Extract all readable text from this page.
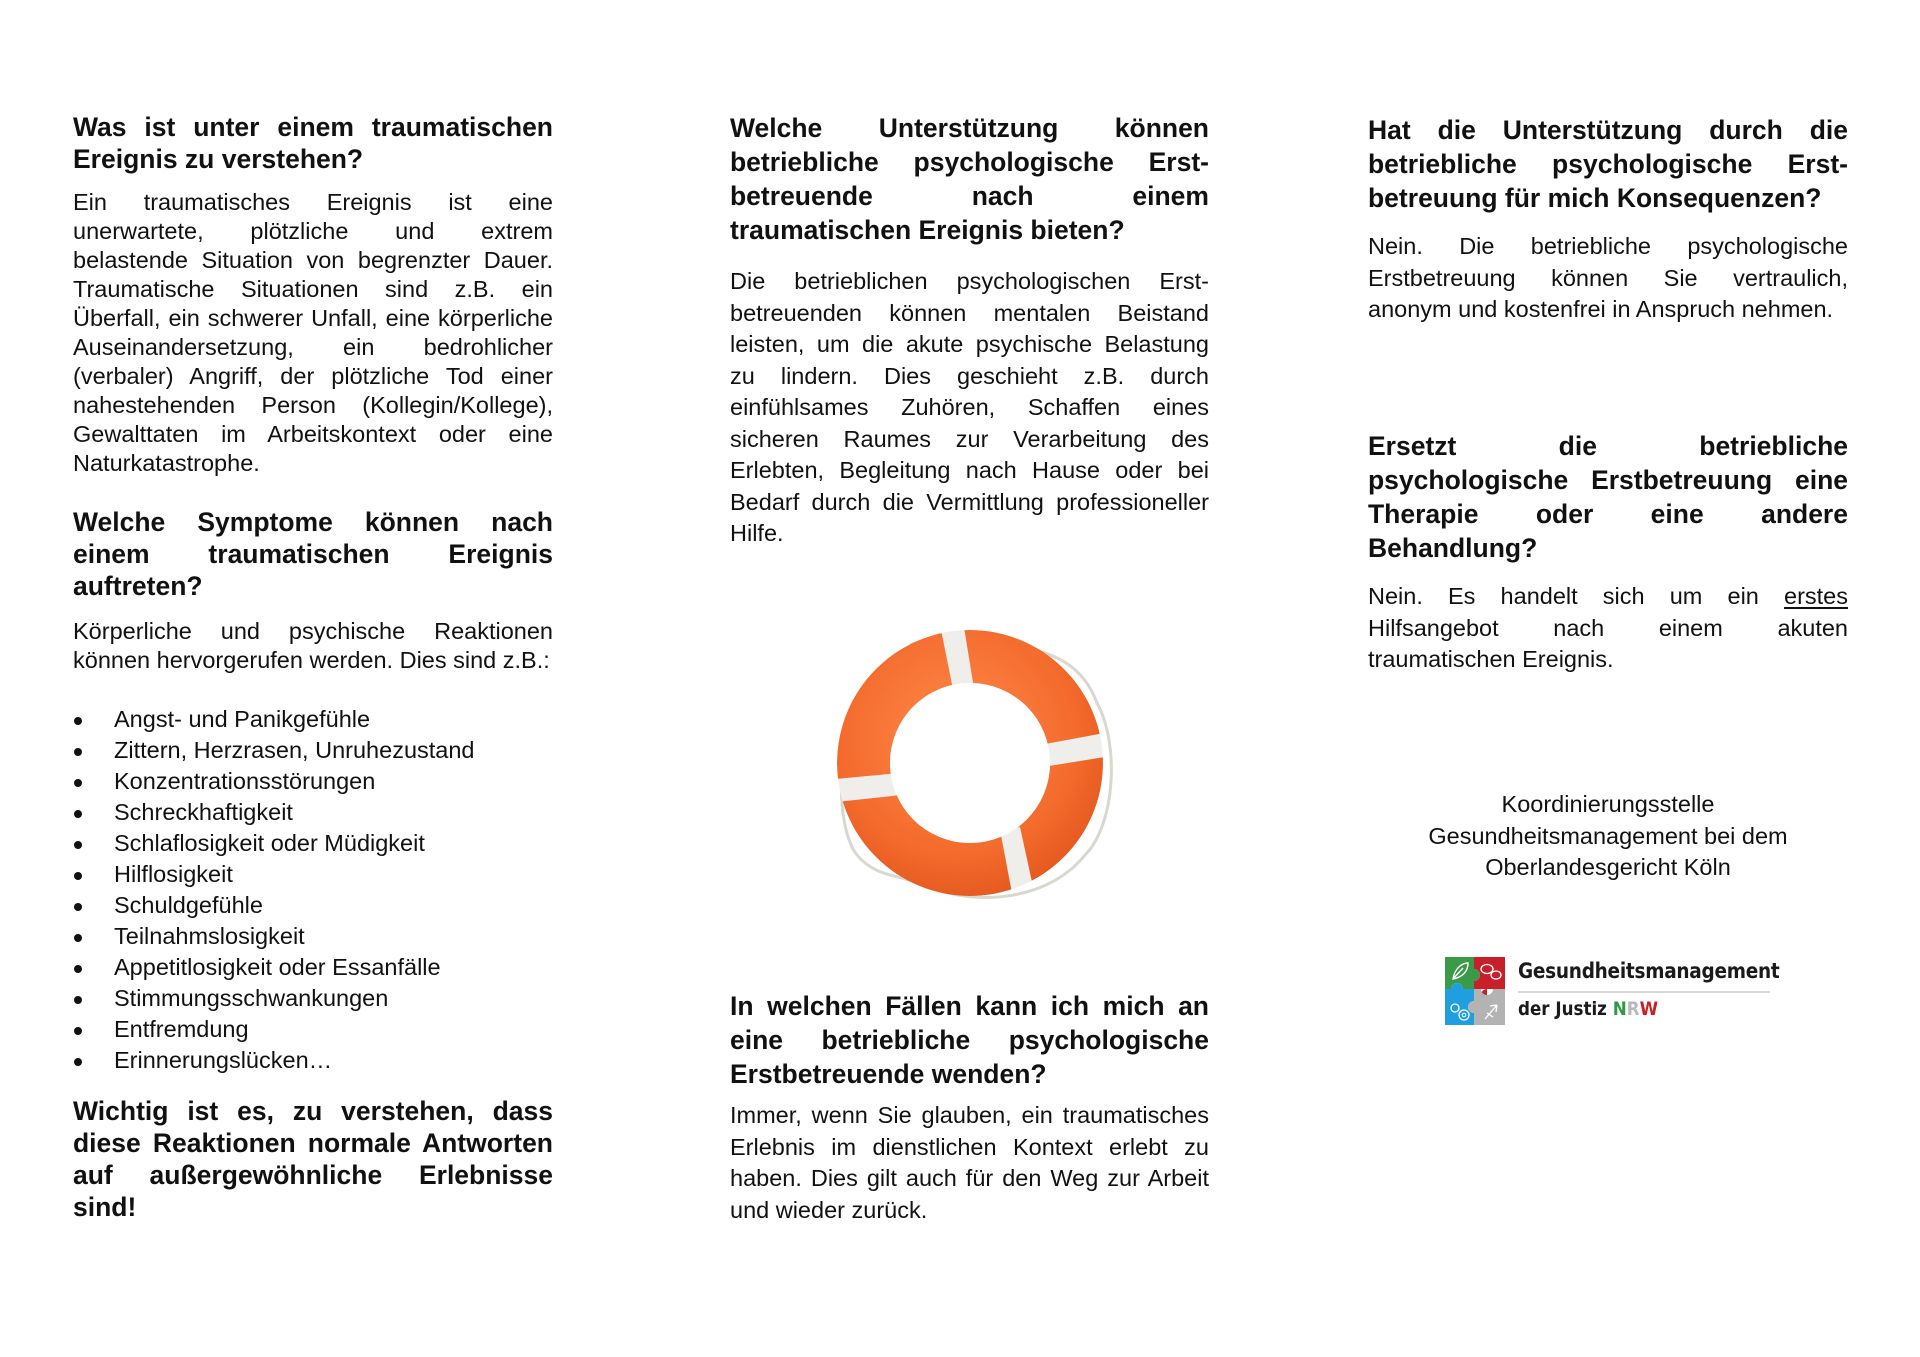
Was ist unter einem traumatischen Ereignis zu verstehen?

Ein traumatisches Ereignis ist eine unerwartete, plötzliche und extrem belastende Situation von begrenzter Dauer. Traumatische Situationen sind z.B. ein Überfall, ein schwerer Unfall, eine körperliche Auseinandersetzung, ein bedrohlicher (verbaler) Angriff, der plötzliche Tod einer nahestehenden Person (Kollegin/Kollege), Gewalttaten im Arbeitskontext oder eine Naturkatastrophe.

Welche Symptome können nach einem traumatischen Ereignis auftreten?

Körperliche und psychische Reaktionen können hervorgerufen werden. Dies sind z.B.:

Angst- und Panikgefühle
Zittern, Herzrasen, Unruhezustand
Konzentrationsstörungen
Schreckhaftigkeit
Schlaflosigkeit oder Müdigkeit
Hilflosigkeit
Schuldgefühle
Teilnahmslosigkeit
Appetitlosigkeit oder Essanfälle
Stimmungsschwankungen
Entfremdung
Erinnerungslücken…
Wichtig ist es, zu verstehen, dass diese Reaktionen normale Antworten auf außergewöhnliche Erlebnisse sind!
Welche Unterstützung können betriebliche psychologische Erst-betreuende nach einem traumatischen Ereignis bieten?

Die betrieblichen psychologischen Erst-betreuenden können mentalen Beistand leisten, um die akute psychische Belastung zu lindern. Dies geschieht z.B. durch einfühlsames Zuhören, Schaffen eines sicheren Raumes zur Verarbeitung des Erlebten, Begleitung nach Hause oder bei Bedarf durch die Vermittlung professioneller Hilfe.

In welchen Fällen kann ich mich an eine betriebliche psychologische Erstbetreuende wenden?

Immer, wenn Sie glauben, ein traumatisches Erlebnis im dienstlichen Kontext erlebt zu haben. Dies gilt auch für den Weg zur Arbeit und wieder zurück.

Hat die Unterstützung durch die betriebliche psychologische Erst-betreuung für mich Konsequenzen?

Nein. Die betriebliche psychologische Erstbetreuung können Sie vertraulich, anonym und kostenfrei in Anspruch nehmen.

Ersetzt die betriebliche psychologische Erstbetreuung eine Therapie oder eine andere Behandlung?

Nein. Es handelt sich um ein erstes Hilfsangebot nach einem akuten traumatischen Ereignis.

Koordinierungsstelle
Gesundheitsmanagement bei dem
Oberlandesgericht Köln
Gesundheitsmanagement
der Justiz NRW
